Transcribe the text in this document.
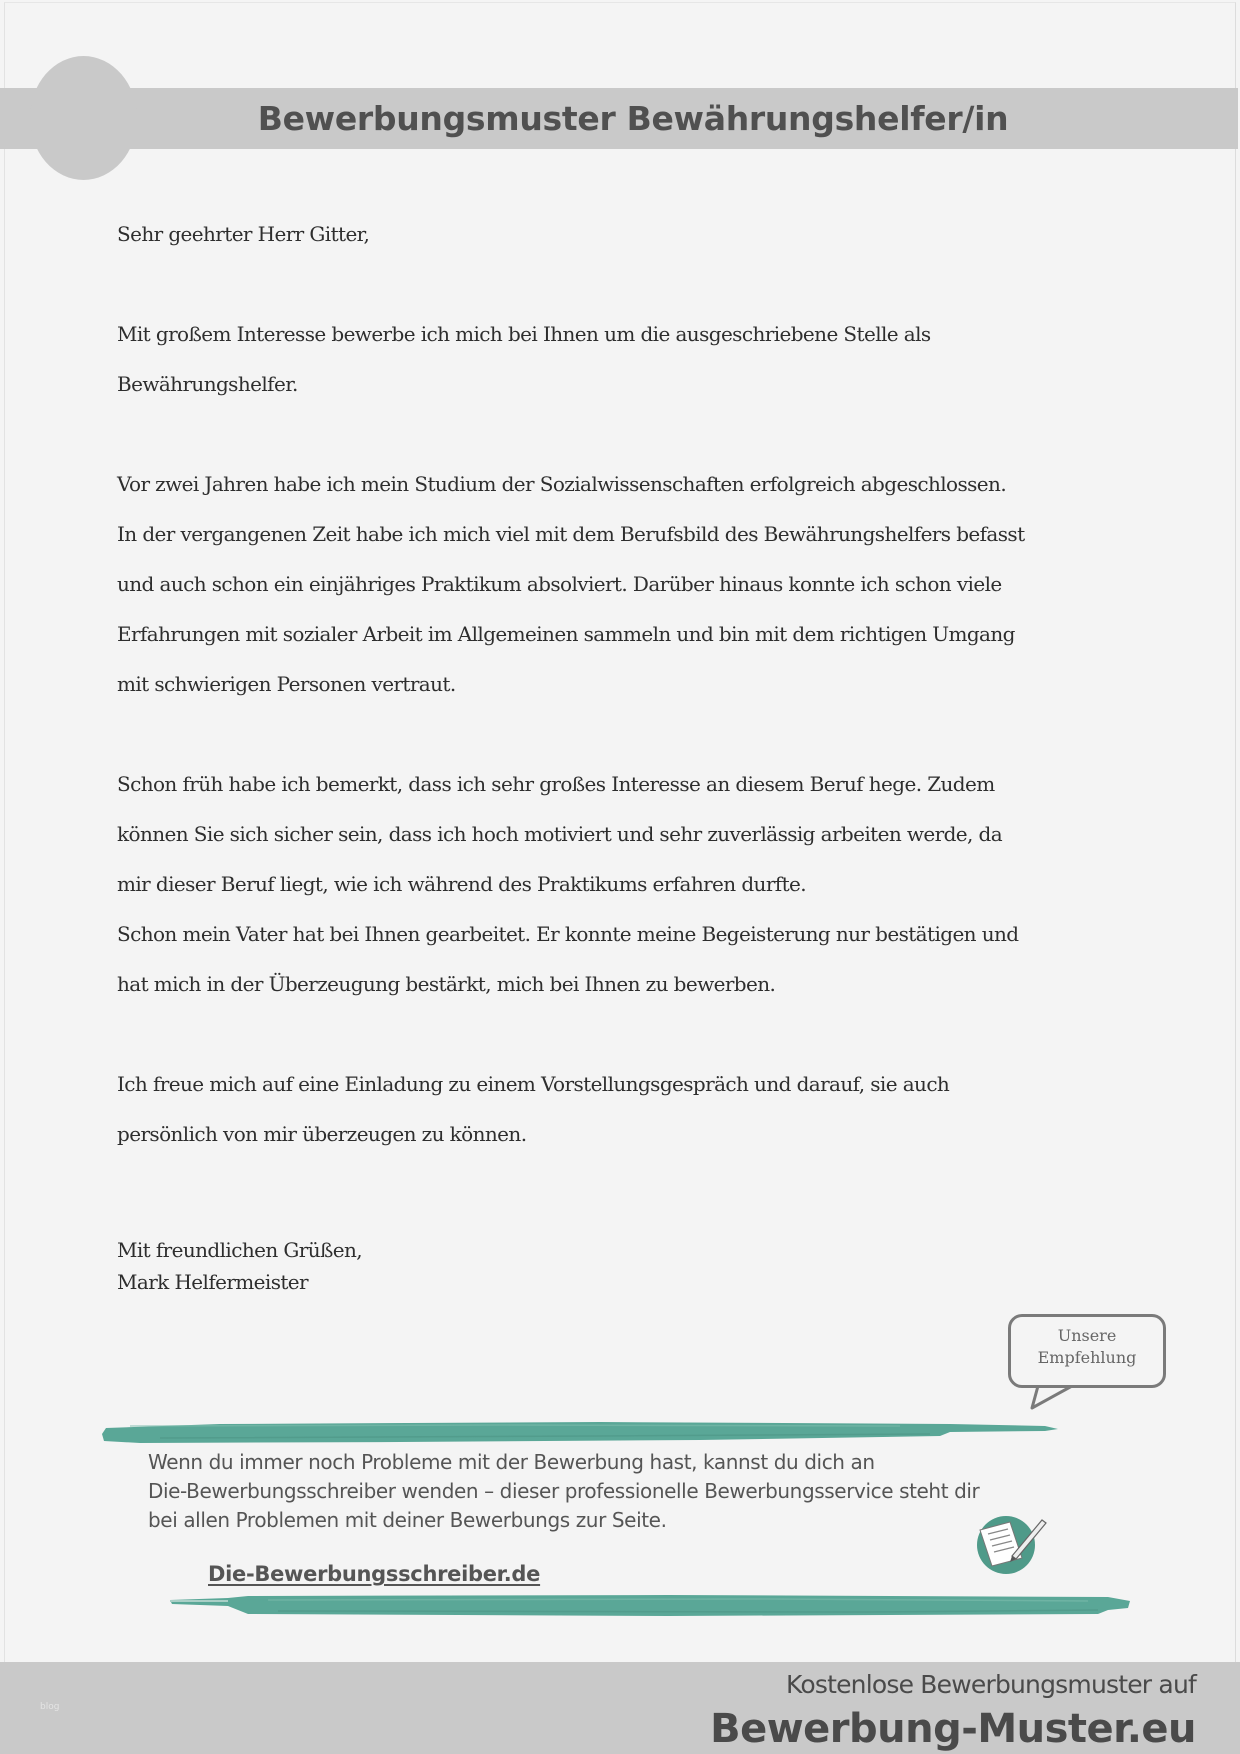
Bewerbungsmuster Bewährungshelfer/in
Sehr geehrter Herr Gitter,
Mit großem Interesse bewerbe ich mich bei Ihnen um die ausgeschriebene Stelle als
Bewährungshelfer.
Vor zwei Jahren habe ich mein Studium der Sozialwissenschaften erfolgreich abgeschlossen.
In der vergangenen Zeit habe ich mich viel mit dem Berufsbild des Bewährungshelfers befasst
und auch schon ein einjähriges Praktikum absolviert. Darüber hinaus konnte ich schon viele
Erfahrungen mit sozialer Arbeit im Allgemeinen sammeln und bin mit dem richtigen Umgang
mit schwierigen Personen vertraut.
Schon früh habe ich bemerkt, dass ich sehr großes Interesse an diesem Beruf hege. Zudem
können Sie sich sicher sein, dass ich hoch motiviert und sehr zuverlässig arbeiten werde, da
mir dieser Beruf liegt, wie ich während des Praktikums erfahren durfte.
Schon mein Vater hat bei Ihnen gearbeitet. Er konnte meine Begeisterung nur bestätigen und
hat mich in der Überzeugung bestärkt, mich bei Ihnen zu bewerben.
Ich freue mich auf eine Einladung zu einem Vorstellungsgespräch und darauf, sie auch
persönlich von mir überzeugen zu können.
Mit freundlichen Grüßen,
Mark Helfermeister
Unsere
Empfehlung
Wenn du immer noch Probleme mit der Bewerbung hast, kannst du dich an
Die-Bewerbungsschreiber wenden – dieser professionelle Bewerbungsservice steht dir
bei allen Problemen mit deiner Bewerbungs zur Seite.
Die-Bewerbungsschreiber.de
blog
Kostenlose Bewerbungsmuster auf
Bewerbung-Muster.eu
